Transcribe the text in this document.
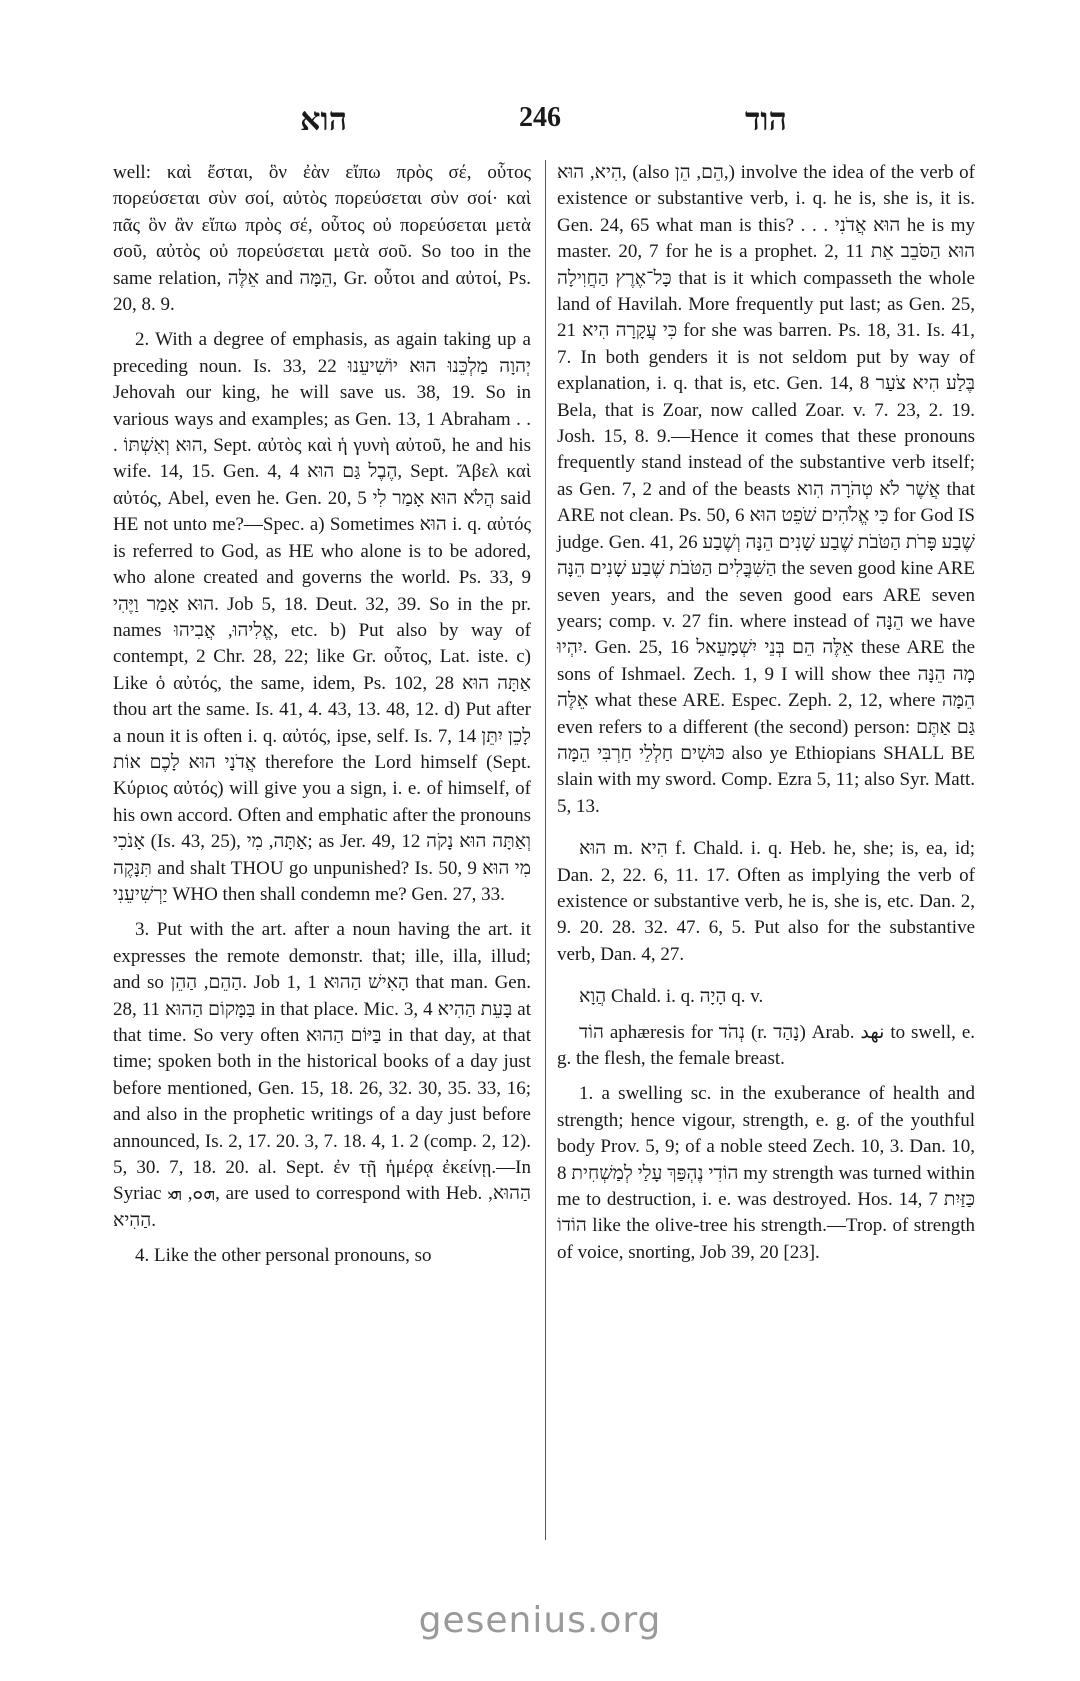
הוא	246	הוד

well: καὶ ἔσται, ὃν ἐὰν εἴπω πρὸς σέ, οὗτος πορεύσεται σὺν σοί, αὐτὸς πορεύσεται σὺν σοί· καὶ πᾶς ὃν ἂν εἴπω πρὸς σέ, οὗτος οὐ πορεύσεται μετὰ σοῦ, αὐτὸς οὐ πορεύσεται μετὰ σοῦ. So too in the same relation, אֵלֶּה and הֵמָּה, Gr. οὗτοι and αὐτοί, Ps. 20, 8. 9.

2. With a degree of emphasis, as again taking up a preceding noun. Is. 33, 22 יְהוָה מַלְכֵּנוּ הוּא יוֹשִׁיעֵנוּ Jehovah our king, he will save us. 38, 19. So in various ways and examples; as Gen. 13, 1 Abraham . . . הוּא וְאִשְׁתּוֹ, Sept. αὐτὸς καὶ ἡ γυνὴ αὐτοῦ, he and his wife. 14, 15. Gen. 4, 4 הֶבֶל גַּם הוּא, Sept. Ἄβελ καὶ αὐτός, Abel, even he. Gen. 20, 5 הֲלֹא הוּא אָמַר לִי said HE not unto me?—Spec. a) Sometimes הוּא i. q. αὐτός is referred to God, as HE who alone is to be adored, who alone created and governs the world. Ps. 33, 9 הוּא אָמַר וַיֶּהִי. Job 5, 18. Deut. 32, 39. So in the pr. names אֱלִיהוּ, אֲבִיהוּ, etc. b) Put also by way of contempt, 2 Chr. 28, 22; like Gr. οὗτος, Lat. iste. c) Like ὁ αὐτός, the same, idem, Ps. 102, 28 אַתָּה הוּא thou art the same. Is. 41, 4. 43, 13. 48, 12. d) Put after a noun it is often i. q. αὐτός, ipse, self. Is. 7, 14 לָכֵן יִתֵּן אֲדֹנָי הוּא לָכֶם אוֹת therefore the Lord himself (Sept. Κύριος αὐτός) will give you a sign, i. e. of himself, of his own accord. Often and emphatic after the pronouns אָנֹכִי (Is. 43, 25), אַתָּה, מִי; as Jer. 49, 12 וְאַתָּה הוּא נָקֹה תִּנָּקֶה and shalt THOU go unpunished? Is. 50, 9 מִי הוּא יַרְשִׁיעֵנִי WHO then shall condemn me? Gen. 27, 33.

3. Put with the art. after a noun having the art. it expresses the remote demonstr. that; ille, illa, illud; and so הַהֵם, הַהֵן. Job 1, 1 הָאִישׁ הַהוּא that man. Gen. 28, 11 בַּמָּקוֹם הַהוּא in that place. Mic. 3, 4 בָּעֵת הַהִיא at that time. So very often בַּיּוֹם הַהוּא in that day, at that time; spoken both in the historical books of a day just before mentioned, Gen. 15, 18. 26, 32. 30, 35. 33, 16; and also in the prophetic writings of a day just before announced, Is. 2, 17. 20. 3, 7. 18. 4, 1. 2 (comp. 2, 12). 5, 30. 7, 18. 20. al. Sept. ἐν τῇ ἡμέρᾳ ἐκείνῃ.—In Syriac ܗܘ, ܗܝ, are used to correspond with Heb. הַהוּא, הַהִיא.

4. Like the other personal pronouns, so

הִיא, הוּא, (also הֵם, הֵן,) involve the idea of the verb of existence or substantive verb, i. q. he is, she is, it is. Gen. 24, 65 what man is this? . . . הוּא אֲדֹנִי he is my master. 20, 7 for he is a prophet. 2, 11 הוּא הַסֹּבֵב אֵת כָּל־אֶרֶץ הַחֲוִילָה that is it which compasseth the whole land of Havilah. More frequently put last; as Gen. 25, 21 כִּי עֲקָרָה הִיא for she was barren. Ps. 18, 31. Is. 41, 7. In both genders it is not seldom put by way of explanation, i. q. that is, etc. Gen. 14, 8 בֶּלַע הִיא צֹעַר Bela, that is Zoar, now called Zoar. v. 7. 23, 2. 19. Josh. 15, 8. 9.—Hence it comes that these pronouns frequently stand instead of the substantive verb itself; as Gen. 7, 2 and of the beasts אֲשֶׁר לֹא טְהֹרָה הִוא that ARE not clean. Ps. 50, 6 כִּי אֱלֹהִים שֹׁפֵט הוּא for God IS judge. Gen. 41, 26 שֶׁבַע פָּרֹת הַטֹּבֹת שֶׁבַע שָׁנִים הֵנָּה וְשֶׁבַע הַשִּׁבֳּלִים הַטֹּבֹת שֶׁבַע שָׁנִים הֵנָּה the seven good kine ARE seven years, and the seven good ears ARE seven years; comp. v. 27 fin. where instead of הֵנָּה we have יִהְיוּ. Gen. 25, 16 אֵלֶּה הֵם בְּנֵי יִשְׁמָעֵאל these ARE the sons of Ishmael. Zech. 1, 9 I will show thee מָה הֵנָּה אֵלֶּה what these ARE. Espec. Zeph. 2, 12, where הֵמָּה even refers to a different (the second) person: גַּם אַתֶּם כּוּשִׁים חַלְלֵי חַרְבִּי הֵמָּה also ye Ethiopians SHALL BE slain with my sword. Comp. Ezra 5, 11; also Syr. Matt. 5, 13.

הוּא m. הִיא f. Chald. i. q. Heb. he, she; is, ea, id; Dan. 2, 22. 6, 11. 17. Often as implying the verb of existence or substantive verb, he is, she is, etc. Dan. 2, 9. 20. 28. 32. 47. 6, 5. Put also for the substantive verb, Dan. 4, 27.

הֲוָא Chald. i. q. הָיָה q. v.

הוֹד aphæresis for נְהֹד (r. נָהַד) Arab. نهد to swell, e. g. the flesh, the female breast.

1. a swelling sc. in the exuberance of health and strength; hence vigour, strength, e. g. of the youthful body Prov. 5, 9; of a noble steed Zech. 10, 3. Dan. 10, 8 הוֹדִי נֶהְפַּךְ עָלַי לְמַשְׁחִית my strength was turned within me to destruction, i. e. was destroyed. Hos. 14, 7 כַּזַּיִת הוֹדוֹ like the olive-tree his strength.—Trop. of strength of voice, snorting, Job 39, 20 [23].

gesenius.org
